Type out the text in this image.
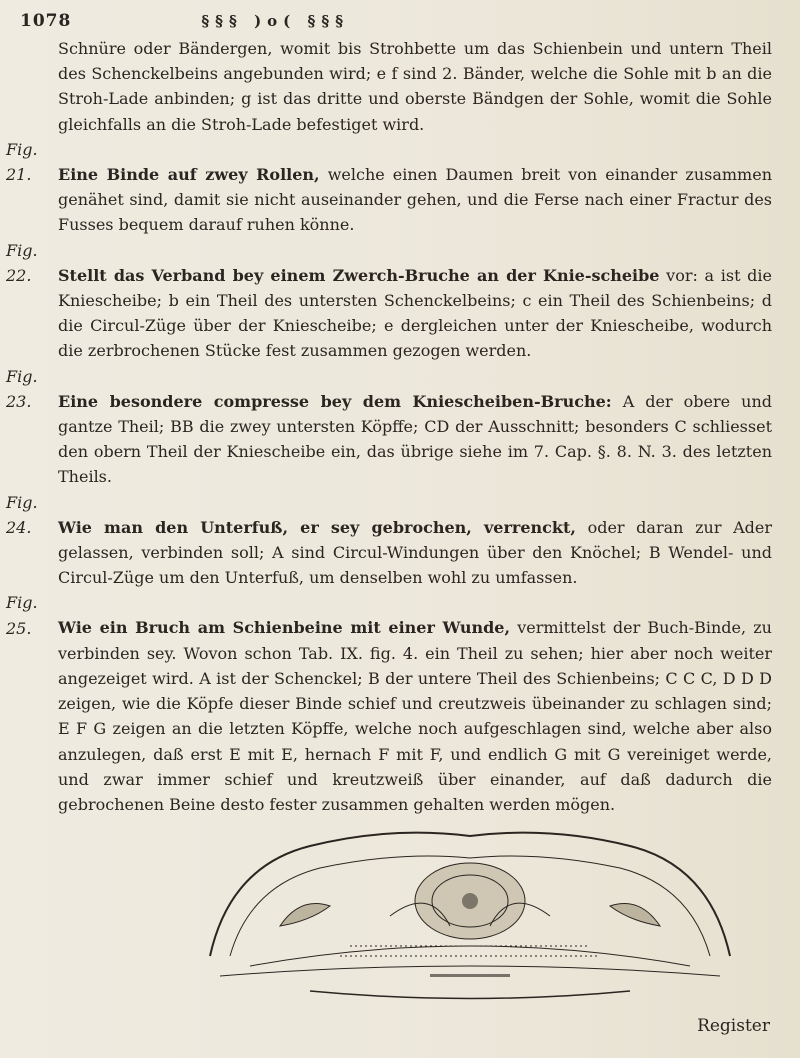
1078	§§§ )o( §§§

Schnüre oder Bändergen, womit bis Strohbette um das Schienbein und untern Theil des Schenckelbeins angebunden wird; e f sind 2. Bänder, welche die Sohle mit b an die Stroh-Lade anbinden; g ist das dritte und oberste Bändgen der Sohle, womit die Sohle gleichfalls an die Stroh-Lade befestiget wird.

Fig. 21. Eine Binde auf zwey Rollen, welche einen Daumen breit von einander zusammen genähet sind, damit sie nicht auseinander gehen, und die Ferse nach einer Fractur des Fusses bequem darauf ruhen könne.

Fig. 22. Stellt das Verband bey einem Zwerch-Bruche an der Knie-scheibe vor: a ist die Kniescheibe; b ein Theil des untersten Schenckelbeins; c ein Theil des Schienbeins; d die Circul-Züge über der Kniescheibe; e dergleichen unter der Kniescheibe, wodurch die zerbrochenen Stücke fest zusammen gezogen werden.

Fig. 23. Eine besondere compresse bey dem Kniescheiben-Bruche: A der obere und gantze Theil; BB die zwey untersten Köpffe; CD der Ausschnitt; besonders C schliesset den obern Theil der Kniescheibe ein, das übrige siehe im 7. Cap. §. 8. N. 3. des letzten Theils.

Fig. 24. Wie man den Unterfuß, er sey gebrochen, verrenckt, oder daran zur Ader gelassen, verbinden soll; A sind Circul-Windungen über den Knöchel; B Wendel- und Circul-Züge um den Unterfuß, um denselben wohl zu umfassen.

Fig. 25. Wie ein Bruch am Schienbeine mit einer Wunde, vermittelst der Buch-Binde, zu verbinden sey. Wovon schon Tab. IX. fig. 4. ein Theil zu sehen; hier aber noch weiter angezeiget wird. A ist der Schenckel; B der untere Theil des Schienbeins; C C C, D D D zeigen, wie die Köpfe dieser Binde schief und creutzweis übeinander zu schlagen sind; E F G zeigen an die letzten Köpffe, welche noch aufgeschlagen sind, welche aber also anzulegen, daß erst E mit E, hernach F mit F, und endlich G mit G vereiniget werde, und zwar immer schief und kreutzweiß über einander, auf daß dadurch die gebrochenen Beine desto fester zusammen gehalten werden mögen.

Register
